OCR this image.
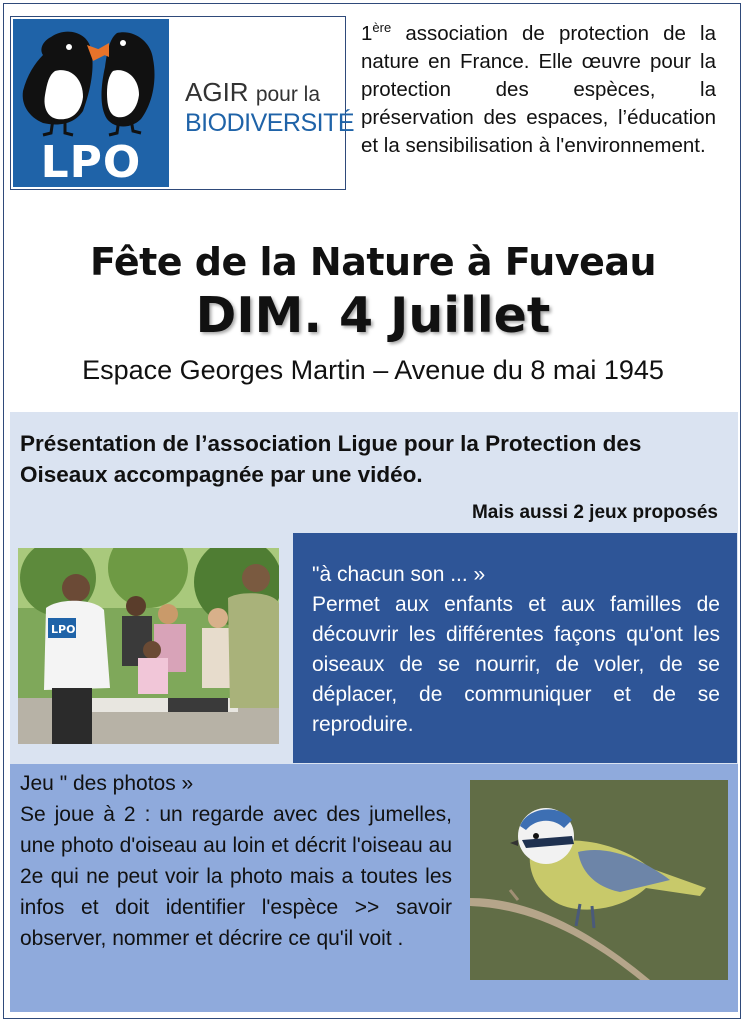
LPO
AGIR pour la
BIODIVERSITÉ
1ère association de protection de la nature en France. Elle œuvre pour la protection des espèces, la préservation des espaces, l’éducation et la sensibilisation à l'environnement.
Fête de la Nature à Fuveau
DIM. 4 Juillet
Espace Georges Martin – Avenue du 8 mai 1945
Présentation de l’association Ligue pour la Protection des Oiseaux accompagnée par une vidéo.
Mais aussi 2 jeux proposés
LPO
"à chacun son ... »
Permet aux enfants et aux familles de découvrir les différentes façons qu'ont les oiseaux de se nourrir, de voler, de se déplacer, de communiquer et de se reproduire.
Jeu " des photos »
Se joue à 2 : un regarde avec des jumelles, une photo d'oiseau au loin et décrit l'oiseau au 2e qui ne peut voir la photo mais a toutes les infos et doit identifier l'espèce >> savoir observer, nommer et décrire ce qu'il voit .
